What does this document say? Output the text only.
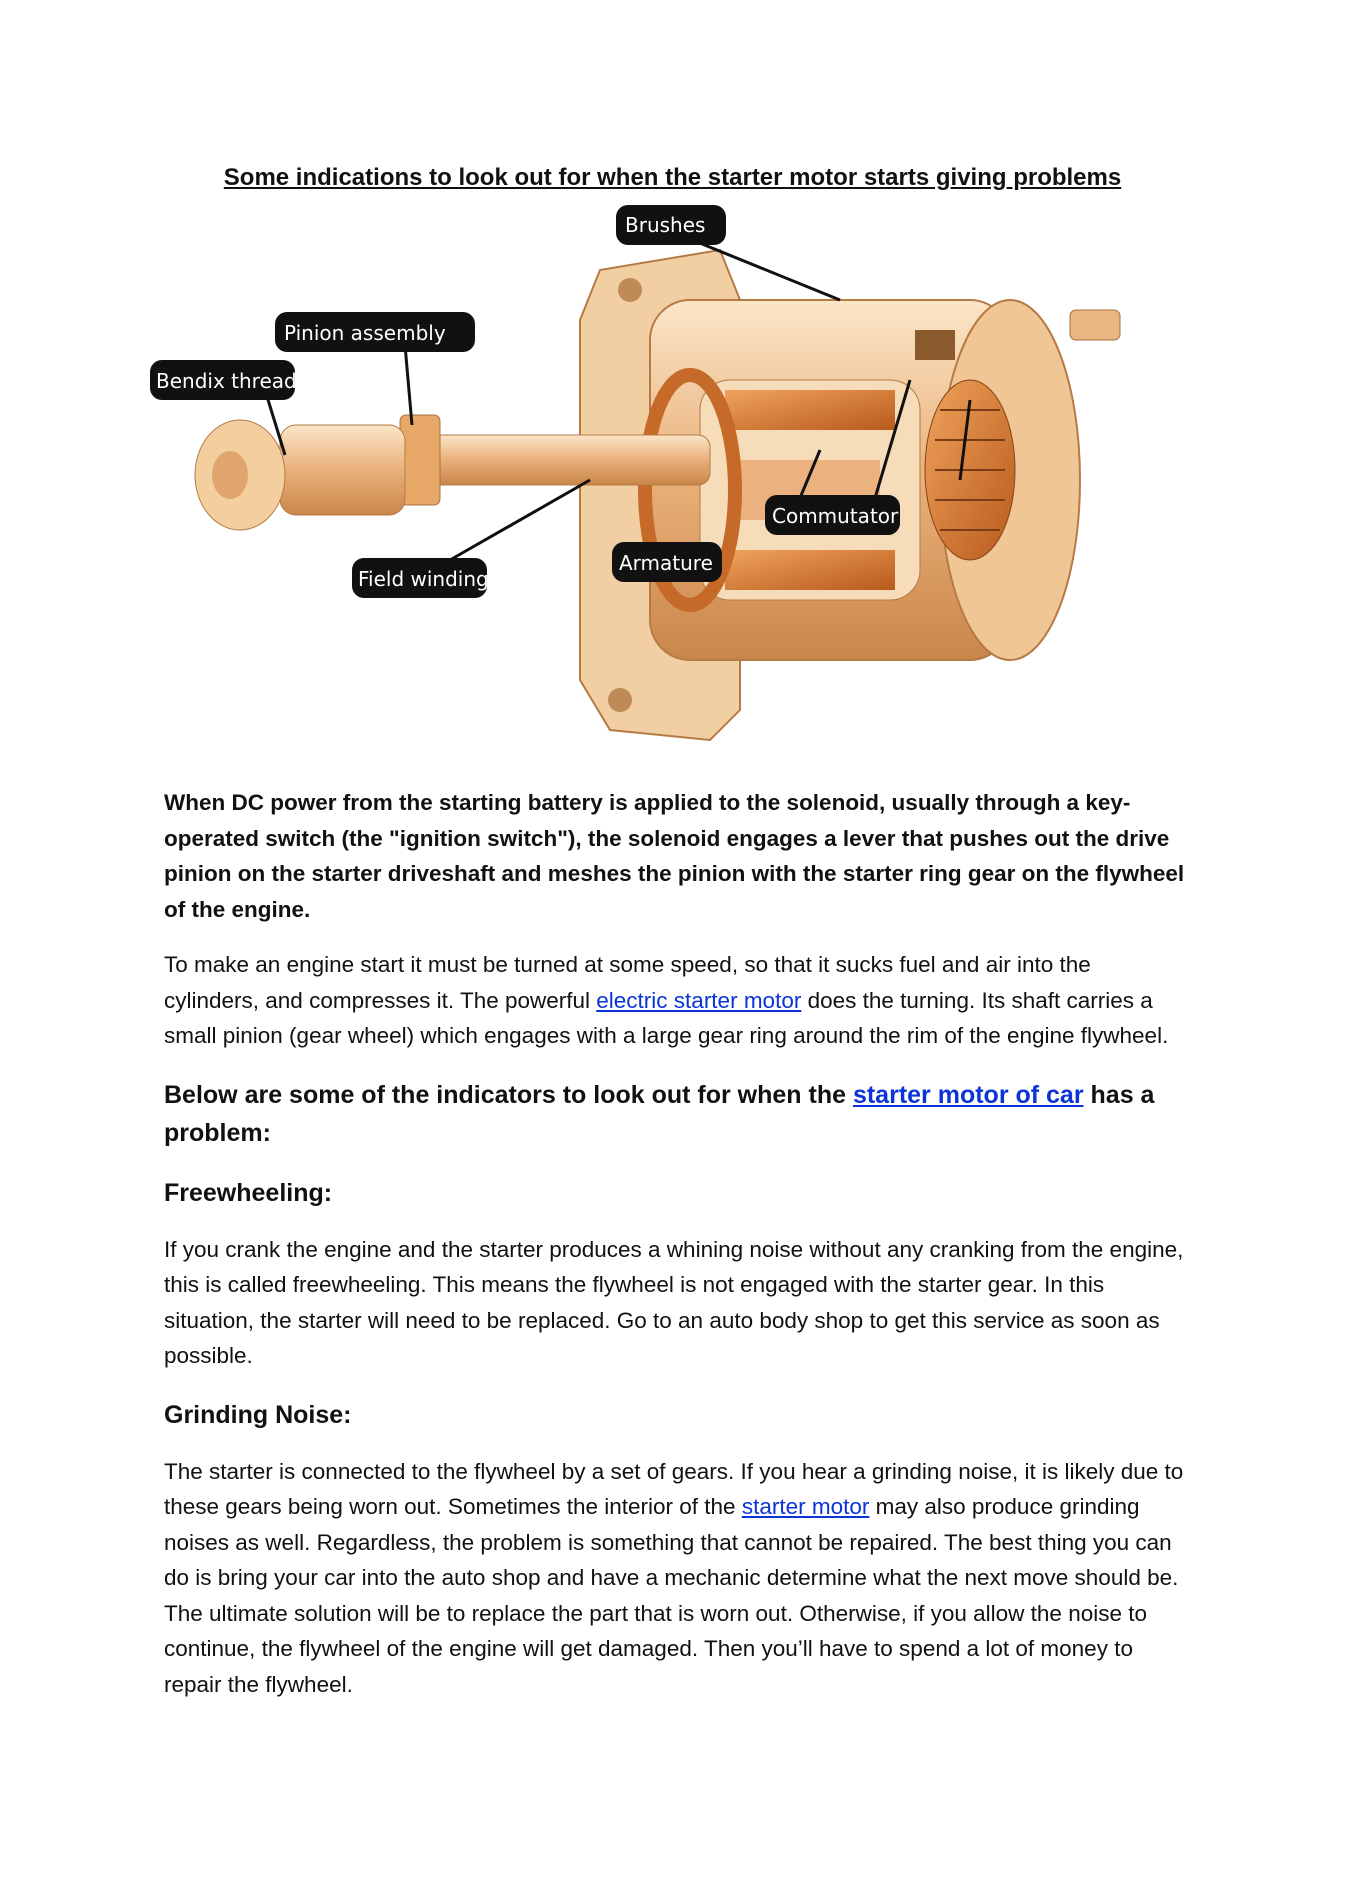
Some indications to look out for when the starter motor starts giving problems
Brushes
Pinion assembly
Bendix thread
Commutator
Armature
Field winding

When DC power from the starting battery is applied to the solenoid, usually through a key-operated switch (the "ignition switch"), the solenoid engages a lever that pushes out the drive pinion on the starter driveshaft and meshes the pinion with the starter ring gear on the flywheel of the engine.

To make an engine start it must be turned at some speed, so that it sucks fuel and air into the cylinders, and compresses it. The powerful electric starter motor does the turning. Its shaft carries a small pinion (gear wheel) which engages with a large gear ring around the rim of the engine flywheel.

Below are some of the indicators to look out for when the starter motor of car has a problem:
Freewheeling:

If you crank the engine and the starter produces a whining noise without any cranking from the engine, this is called freewheeling. This means the flywheel is not engaged with the starter gear. In this situation, the starter will need to be replaced. Go to an auto body shop to get this service as soon as possible.

Grinding Noise:

The starter is connected to the flywheel by a set of gears. If you hear a grinding noise, it is likely due to these gears being worn out. Sometimes the interior of the starter motor may also produce grinding noises as well. Regardless, the problem is something that cannot be repaired. The best thing you can do is bring your car into the auto shop and have a mechanic determine what the next move should be. The ultimate solution will be to replace the part that is worn out. Otherwise, if you allow the noise to continue, the flywheel of the engine will get damaged. Then you’ll have to spend a lot of money to repair the flywheel.
